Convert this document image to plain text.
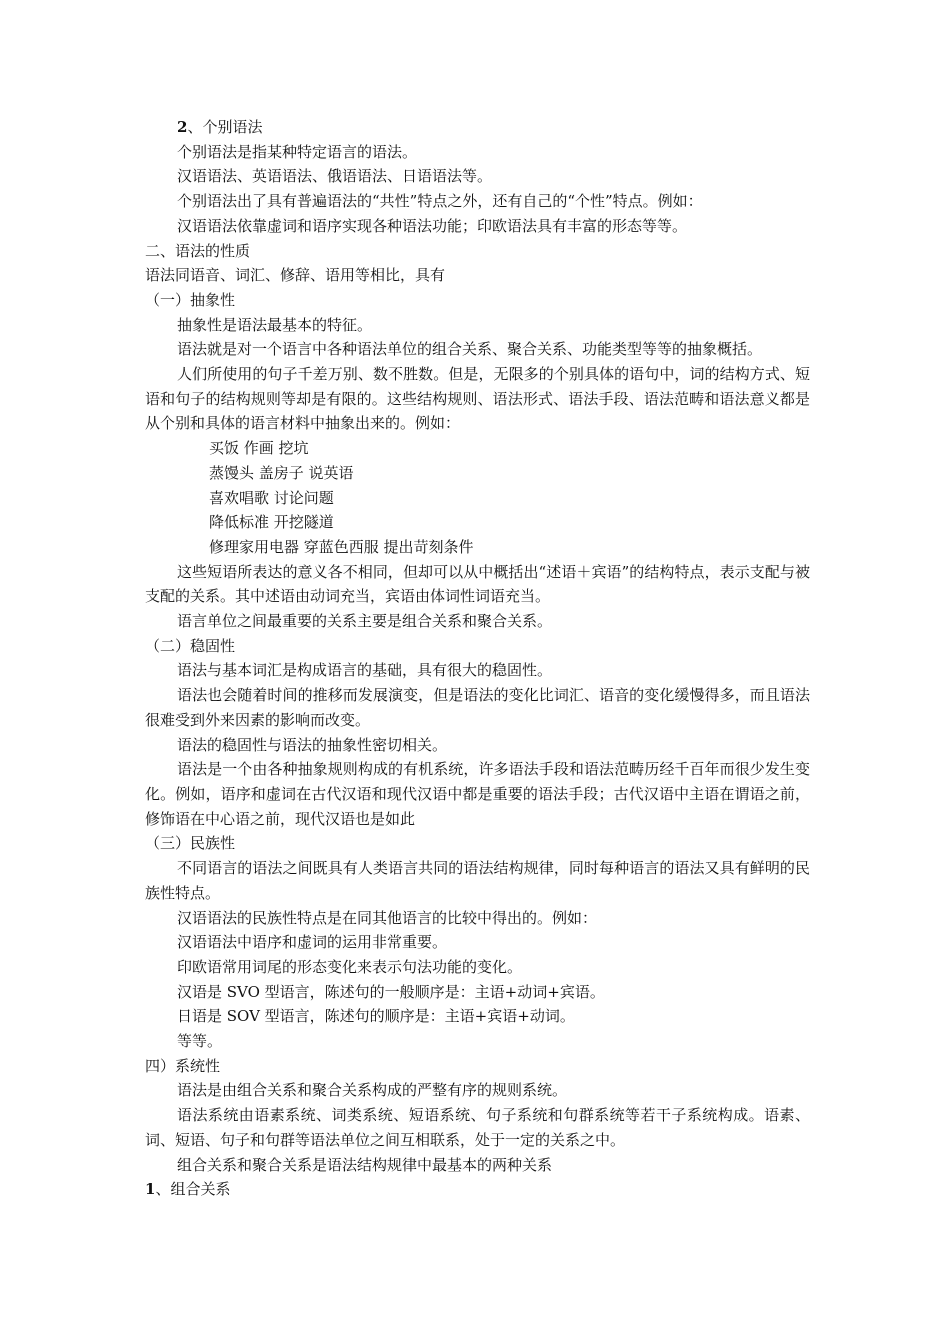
2、个别语法

个别语法是指某种特定语言的语法。

汉语语法、英语语法、俄语语法、日语语法等。

个别语法出了具有普遍语法的“共性”特点之外，还有自己的“个性”特点。例如：

汉语语法依靠虚词和语序实现各种语法功能；印欧语法具有丰富的形态等等。

二、语法的性质

语法同语音、词汇、修辞、语用等相比，具有

（一）抽象性

抽象性是语法最基本的特征。

语法就是对一个语言中各种语法单位的组合关系、聚合关系、功能类型等等的抽象概括。

人们所使用的句子千差万别、数不胜数。但是，无限多的个别具体的语句中，词的结构方式、短语和句子的结构规则等却是有限的。这些结构规则、语法形式、语法手段、语法范畴和语法意义都是从个别和具体的语言材料中抽象出来的。例如：

买饭 作画 挖坑

蒸馒头 盖房子 说英语

喜欢唱歌 讨论问题

降低标准 开挖隧道

修理家用电器 穿蓝色西服 提出苛刻条件

这些短语所表达的意义各不相同，但却可以从中概括出“述语＋宾语”的结构特点，表示支配与被支配的关系。其中述语由动词充当，宾语由体词性词语充当。

语言单位之间最重要的关系主要是组合关系和聚合关系。

（二）稳固性

语法与基本词汇是构成语言的基础，具有很大的稳固性。

语法也会随着时间的推移而发展演变，但是语法的变化比词汇、语音的变化缓慢得多，而且语法很难受到外来因素的影响而改变。

语法的稳固性与语法的抽象性密切相关。

语法是一个由各种抽象规则构成的有机系统，许多语法手段和语法范畴历经千百年而很少发生变化。例如，语序和虚词在古代汉语和现代汉语中都是重要的语法手段；古代汉语中主语在谓语之前，修饰语在中心语之前，现代汉语也是如此

（三）民族性

不同语言的语法之间既具有人类语言共同的语法结构规律，同时每种语言的语法又具有鲜明的民族性特点。

汉语语法的民族性特点是在同其他语言的比较中得出的。例如：

汉语语法中语序和虚词的运用非常重要。

印欧语常用词尾的形态变化来表示句法功能的变化。

汉语是 SVO 型语言，陈述句的一般顺序是：主语+动词+宾语。

日语是 SOV 型语言，陈述句的顺序是：主语+宾语+动词。

等等。

四）系统性

语法是由组合关系和聚合关系构成的严整有序的规则系统。

语法系统由语素系统、词类系统、短语系统、句子系统和句群系统等若干子系统构成。语素、词、短语、句子和句群等语法单位之间互相联系，处于一定的关系之中。

组合关系和聚合关系是语法结构规律中最基本的两种关系

1、组合关系
